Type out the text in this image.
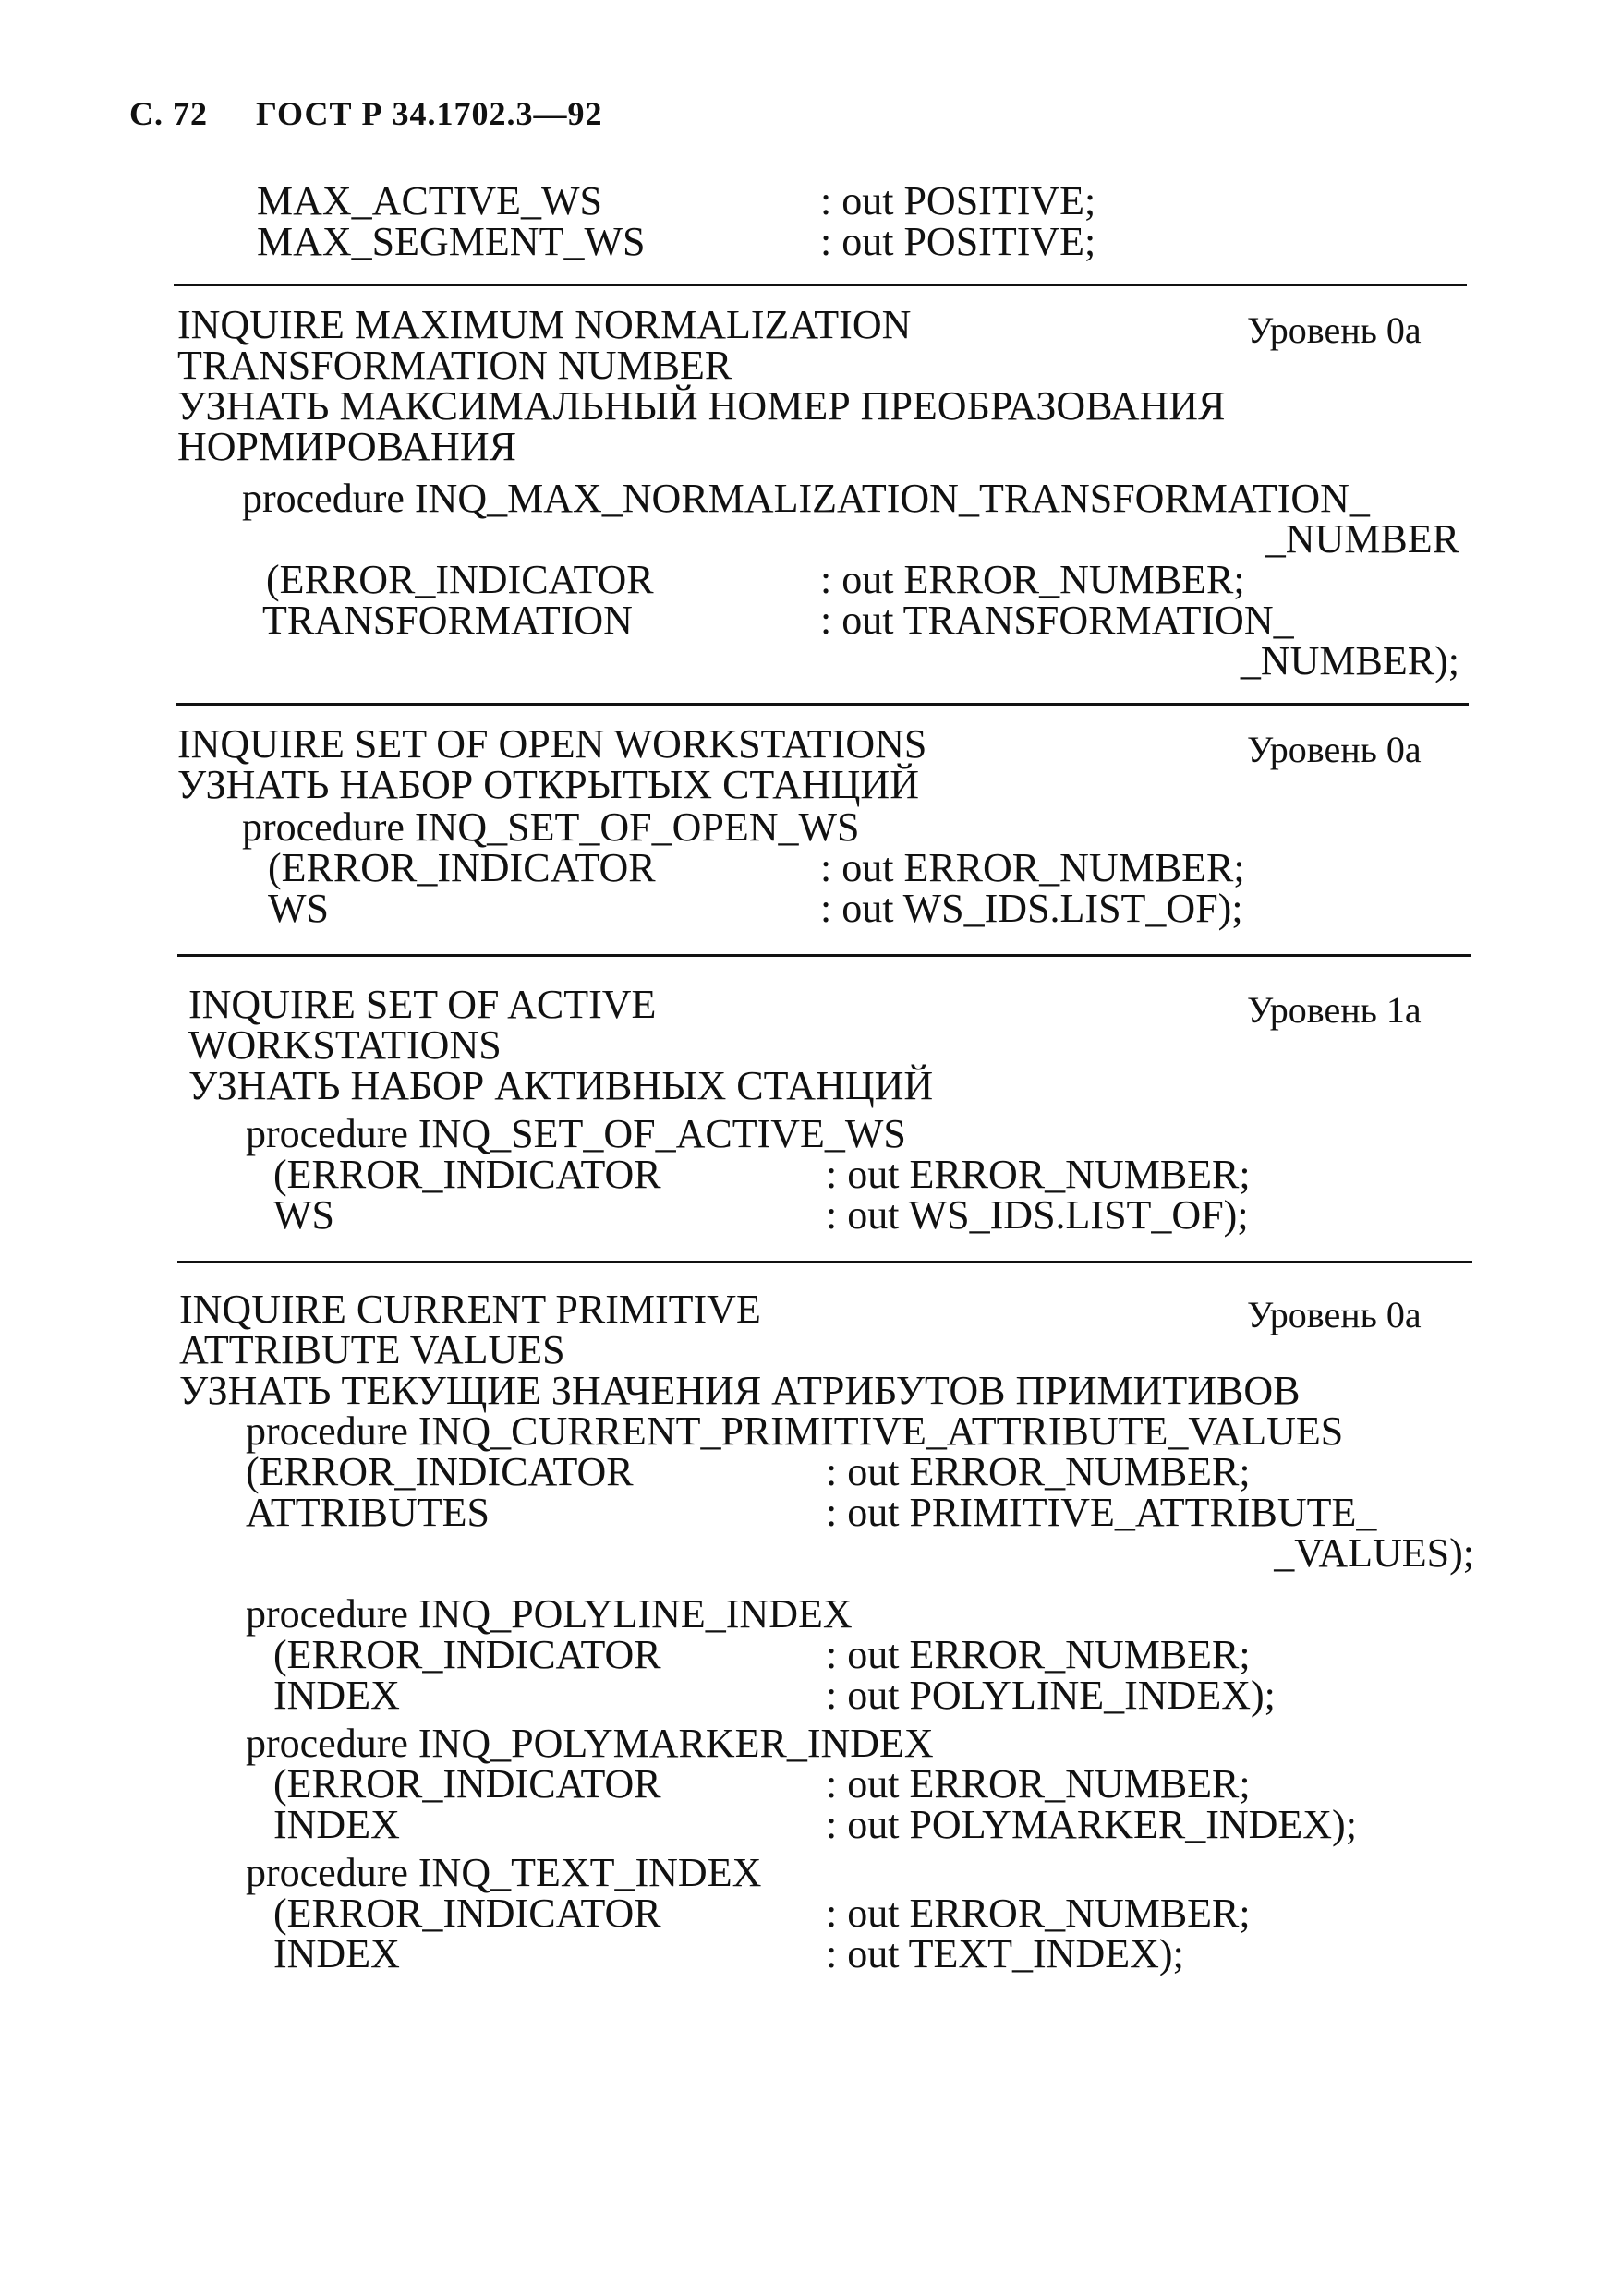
С. 72 ГОСТ Р 34.1702.3—92
MAX_ACTIVE_WS	: out POSITIVE;
MAX_SEGMENT_WS	: out POSITIVE;
INQUIRE MAXIMUM NORMALIZATION	Уровень 0а
TRANSFORMATION NUMBER
УЗНАТЬ МАКСИМАЛЬНЫЙ НОМЕР ПРЕОБРАЗОВАНИЯ
НОРМИРОВАНИЯ
procedure INQ_MAX_NORMALIZATION_TRANSFORMATION_
_NUMBER
(ERROR_INDICATOR	: out ERROR_NUMBER;
TRANSFORMATION	: out TRANSFORMATION_
_NUMBER);
INQUIRE SET OF OPEN WORKSTATIONS	Уровень 0а
УЗНАТЬ НАБОР ОТКРЫТЫХ СТАНЦИЙ
procedure INQ_SET_OF_OPEN_WS
(ERROR_INDICATOR	: out ERROR_NUMBER;
WS	: out WS_IDS.LIST_OF);
INQUIRE SET OF ACTIVE	Уровень 1а
WORKSTATIONS
УЗНАТЬ НАБОР АКТИВНЫХ СТАНЦИЙ
procedure INQ_SET_OF_ACTIVE_WS
(ERROR_INDICATOR	: out ERROR_NUMBER;
WS	: out WS_IDS.LIST_OF);
INQUIRE CURRENT PRIMITIVE	Уровень 0а
ATTRIBUTE VALUES
УЗНАТЬ ТЕКУЩИЕ ЗНАЧЕНИЯ АТРИБУТОВ ПРИМИТИВОВ
procedure INQ_CURRENT_PRIMITIVE_ATTRIBUTE_VALUES
(ERROR_INDICATOR	: out ERROR_NUMBER;
ATTRIBUTES	: out PRIMITIVE_ATTRIBUTE_
_VALUES);
procedure INQ_POLYLINE_INDEX
(ERROR_INDICATOR	: out ERROR_NUMBER;
INDEX	: out POLYLINE_INDEX);
procedure INQ_POLYMARKER_INDEX
(ERROR_INDICATOR	: out ERROR_NUMBER;
INDEX	: out POLYMARKER_INDEX);
procedure INQ_TEXT_INDEX
(ERROR_INDICATOR	: out ERROR_NUMBER;
INDEX	: out TEXT_INDEX);
